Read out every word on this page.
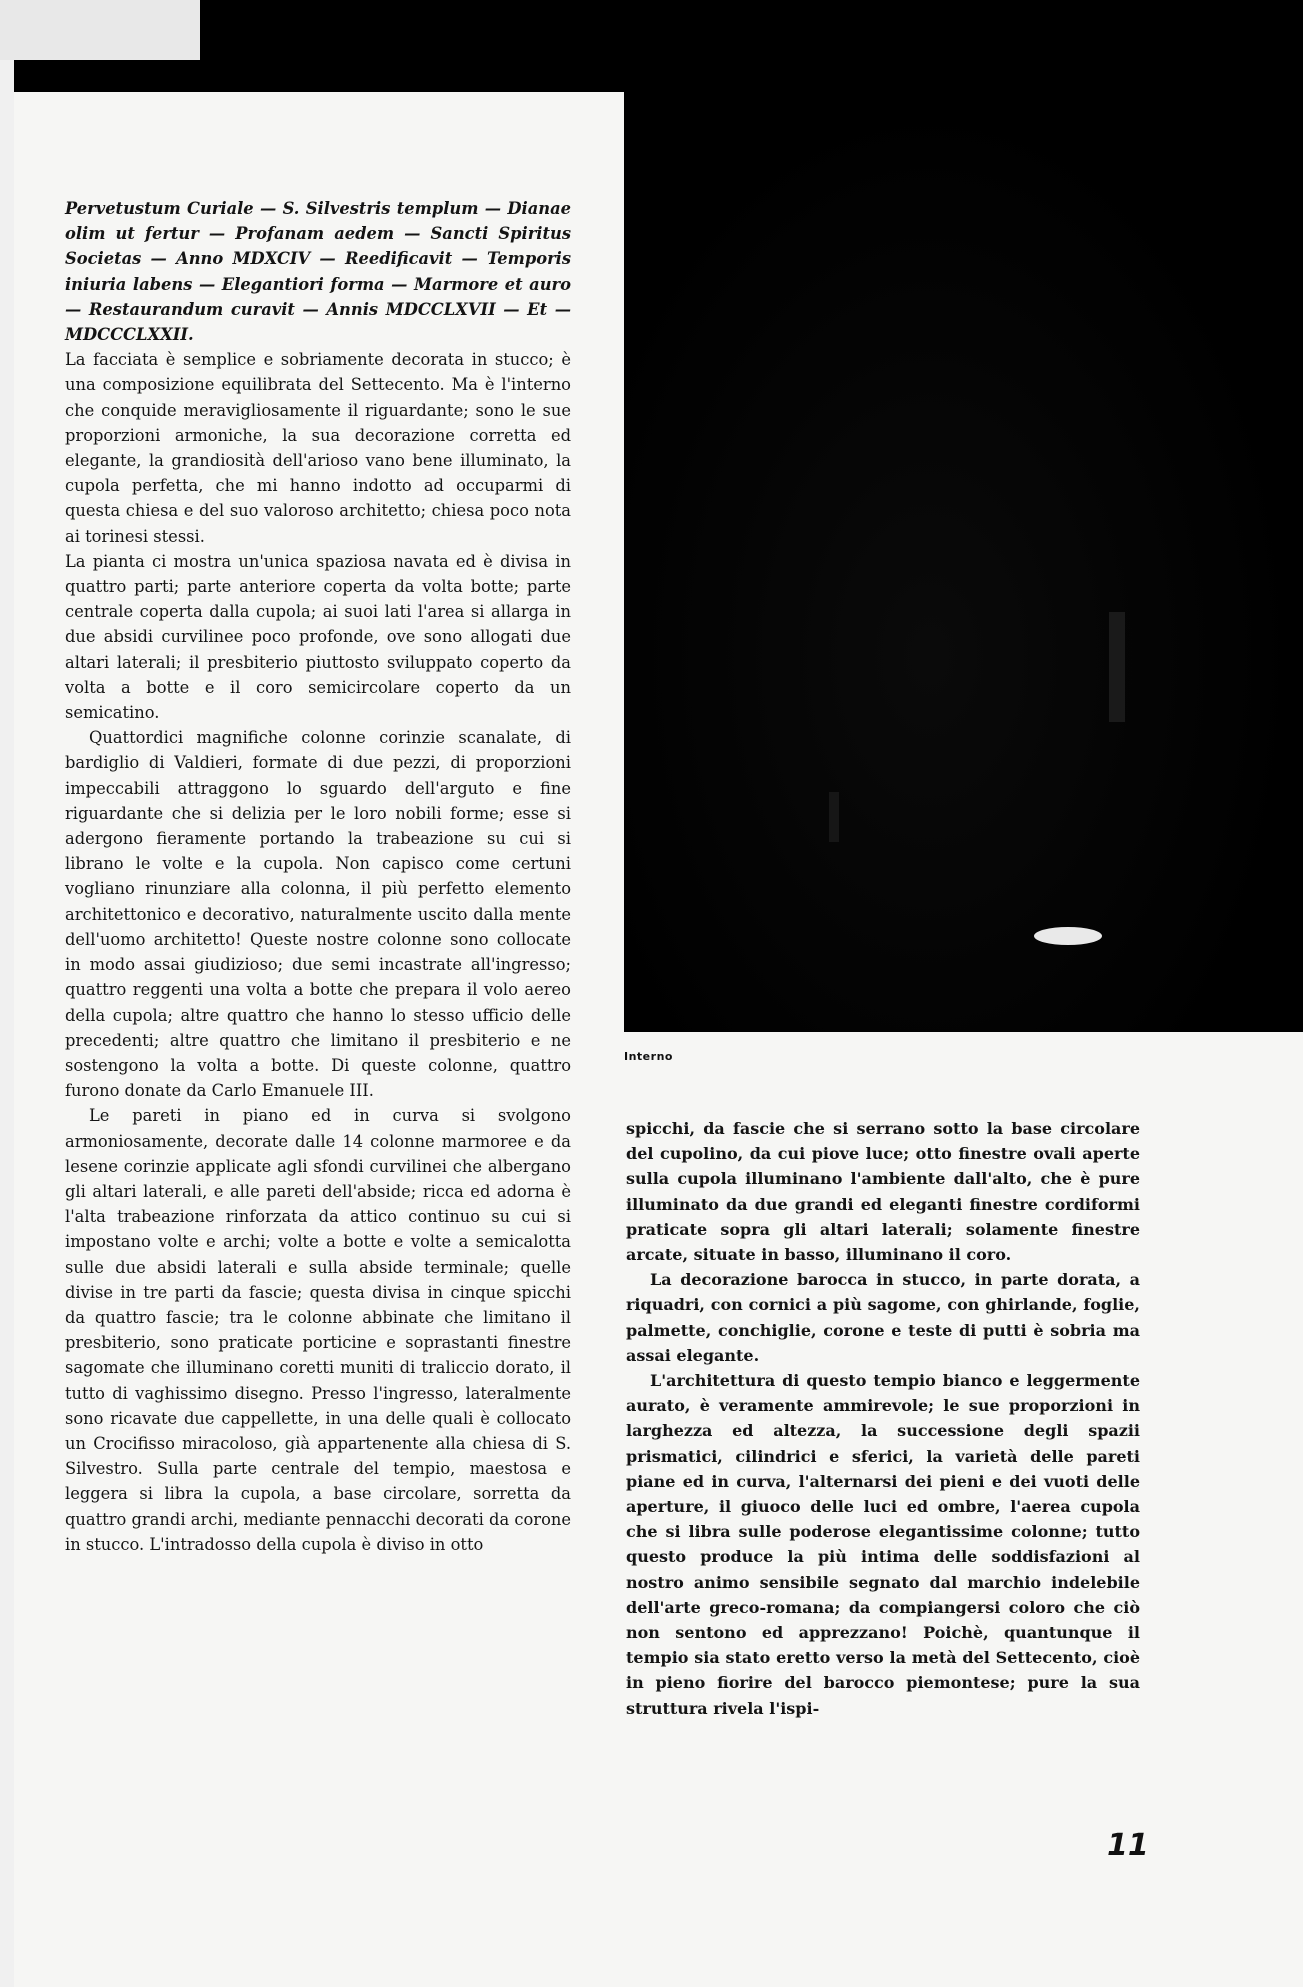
Interno

Pervetustum Curiale — S. Silvestris templum — Dianae olim ut fertur — Profanam aedem — Sancti Spiritus Societas — Anno MDXCIV — Reedificavit — Temporis iniuria labens — Elegantiori forma — Marmore et auro — Restaurandum curavit — Annis MDCCLXVII — Et — MDCCCLXXII.

La facciata è semplice e sobriamente decorata in stucco; è una composizione equilibrata del Settecento. Ma è l'interno che conquide meravigliosamente il riguardante; sono le sue proporzioni armoniche, la sua decorazione corretta ed elegante, la grandiosità dell'arioso vano bene illuminato, la cupola perfetta, che mi hanno indotto ad occuparmi di questa chiesa e del suo valoroso architetto; chiesa poco nota ai torinesi stessi.

La pianta ci mostra un'unica spaziosa navata ed è divisa in quattro parti; parte anteriore coperta da volta botte; parte centrale coperta dalla cupola; ai suoi lati l'area si allarga in due absidi curvilinee poco profonde, ove sono allogati due altari laterali; il presbiterio piuttosto sviluppato coperto da volta a botte e il coro semicircolare coperto da un semicatino.

Quattordici magnifiche colonne corinzie scanalate, di bardiglio di Valdieri, formate di due pezzi, di proporzioni impeccabili attraggono lo sguardo dell'arguto e fine riguardante che si delizia per le loro nobili forme; esse si adergono fieramente portando la trabeazione su cui si librano le volte e la cupola. Non capisco come certuni vogliano rinunziare alla colonna, il più perfetto elemento architettonico e decorativo, naturalmente uscito dalla mente dell'uomo architetto! Queste nostre colonne sono collocate in modo assai giudizioso; due semi incastrate all'ingresso; quattro reggenti una volta a botte che prepara il volo aereo della cupola; altre quattro che hanno lo stesso ufficio delle precedenti; altre quattro che limitano il presbiterio e ne sostengono la volta a botte. Di queste colonne, quattro furono donate da Carlo Emanuele III.

Le pareti in piano ed in curva si svolgono armoniosamente, decorate dalle 14 colonne marmoree e da lesene corinzie applicate agli sfondi curvilinei che albergano gli altari laterali, e alle pareti dell'abside; ricca ed adorna è l'alta trabeazione rinforzata da attico continuo su cui si impostano volte e archi; volte a botte e volte a semicalotta sulle due absidi laterali e sulla abside terminale; quelle divise in tre parti da fascie; questa divisa in cinque spicchi da quattro fascie; tra le colonne abbinate che limitano il presbiterio, sono praticate porticine e soprastanti finestre sagomate che illuminano coretti muniti di traliccio dorato, il tutto di vaghissimo disegno. Presso l'ingresso, lateralmente sono ricavate due cappellette, in una delle quali è collocato un Crocifisso miracoloso, già appartenente alla chiesa di S. Silvestro. Sulla parte centrale del tempio, maestosa e leggera si libra la cupola, a base circolare, sorretta da quattro grandi archi, mediante pennacchi decorati da corone in stucco. L'intradosso della cupola è diviso in otto

spicchi, da fascie che si serrano sotto la base circolare del cupolino, da cui piove luce; otto finestre ovali aperte sulla cupola illuminano l'ambiente dall'alto, che è pure illuminato da due grandi ed eleganti finestre cordiformi praticate sopra gli altari laterali; solamente finestre arcate, situate in basso, illuminano il coro.

La decorazione barocca in stucco, in parte dorata, a riquadri, con cornici a più sagome, con ghirlande, foglie, palmette, conchiglie, corone e teste di putti è sobria ma assai elegante.

L'architettura di questo tempio bianco e leggermente aurato, è veramente ammirevole; le sue proporzioni in larghezza ed altezza, la successione degli spazii prismatici, cilindrici e sferici, la varietà delle pareti piane ed in curva, l'alternarsi dei pieni e dei vuoti delle aperture, il giuoco delle luci ed ombre, l'aerea cupola che si libra sulle poderose elegantissime colonne; tutto questo produce la più intima delle soddisfazioni al nostro animo sensibile segnato dal marchio indelebile dell'arte greco-romana; da compiangersi coloro che ciò non sentono ed apprezzano! Poichè, quantunque il tempio sia stato eretto verso la metà del Settecento, cioè in pieno fiorire del barocco piemontese; pure la sua struttura rivela l'ispi-

11
